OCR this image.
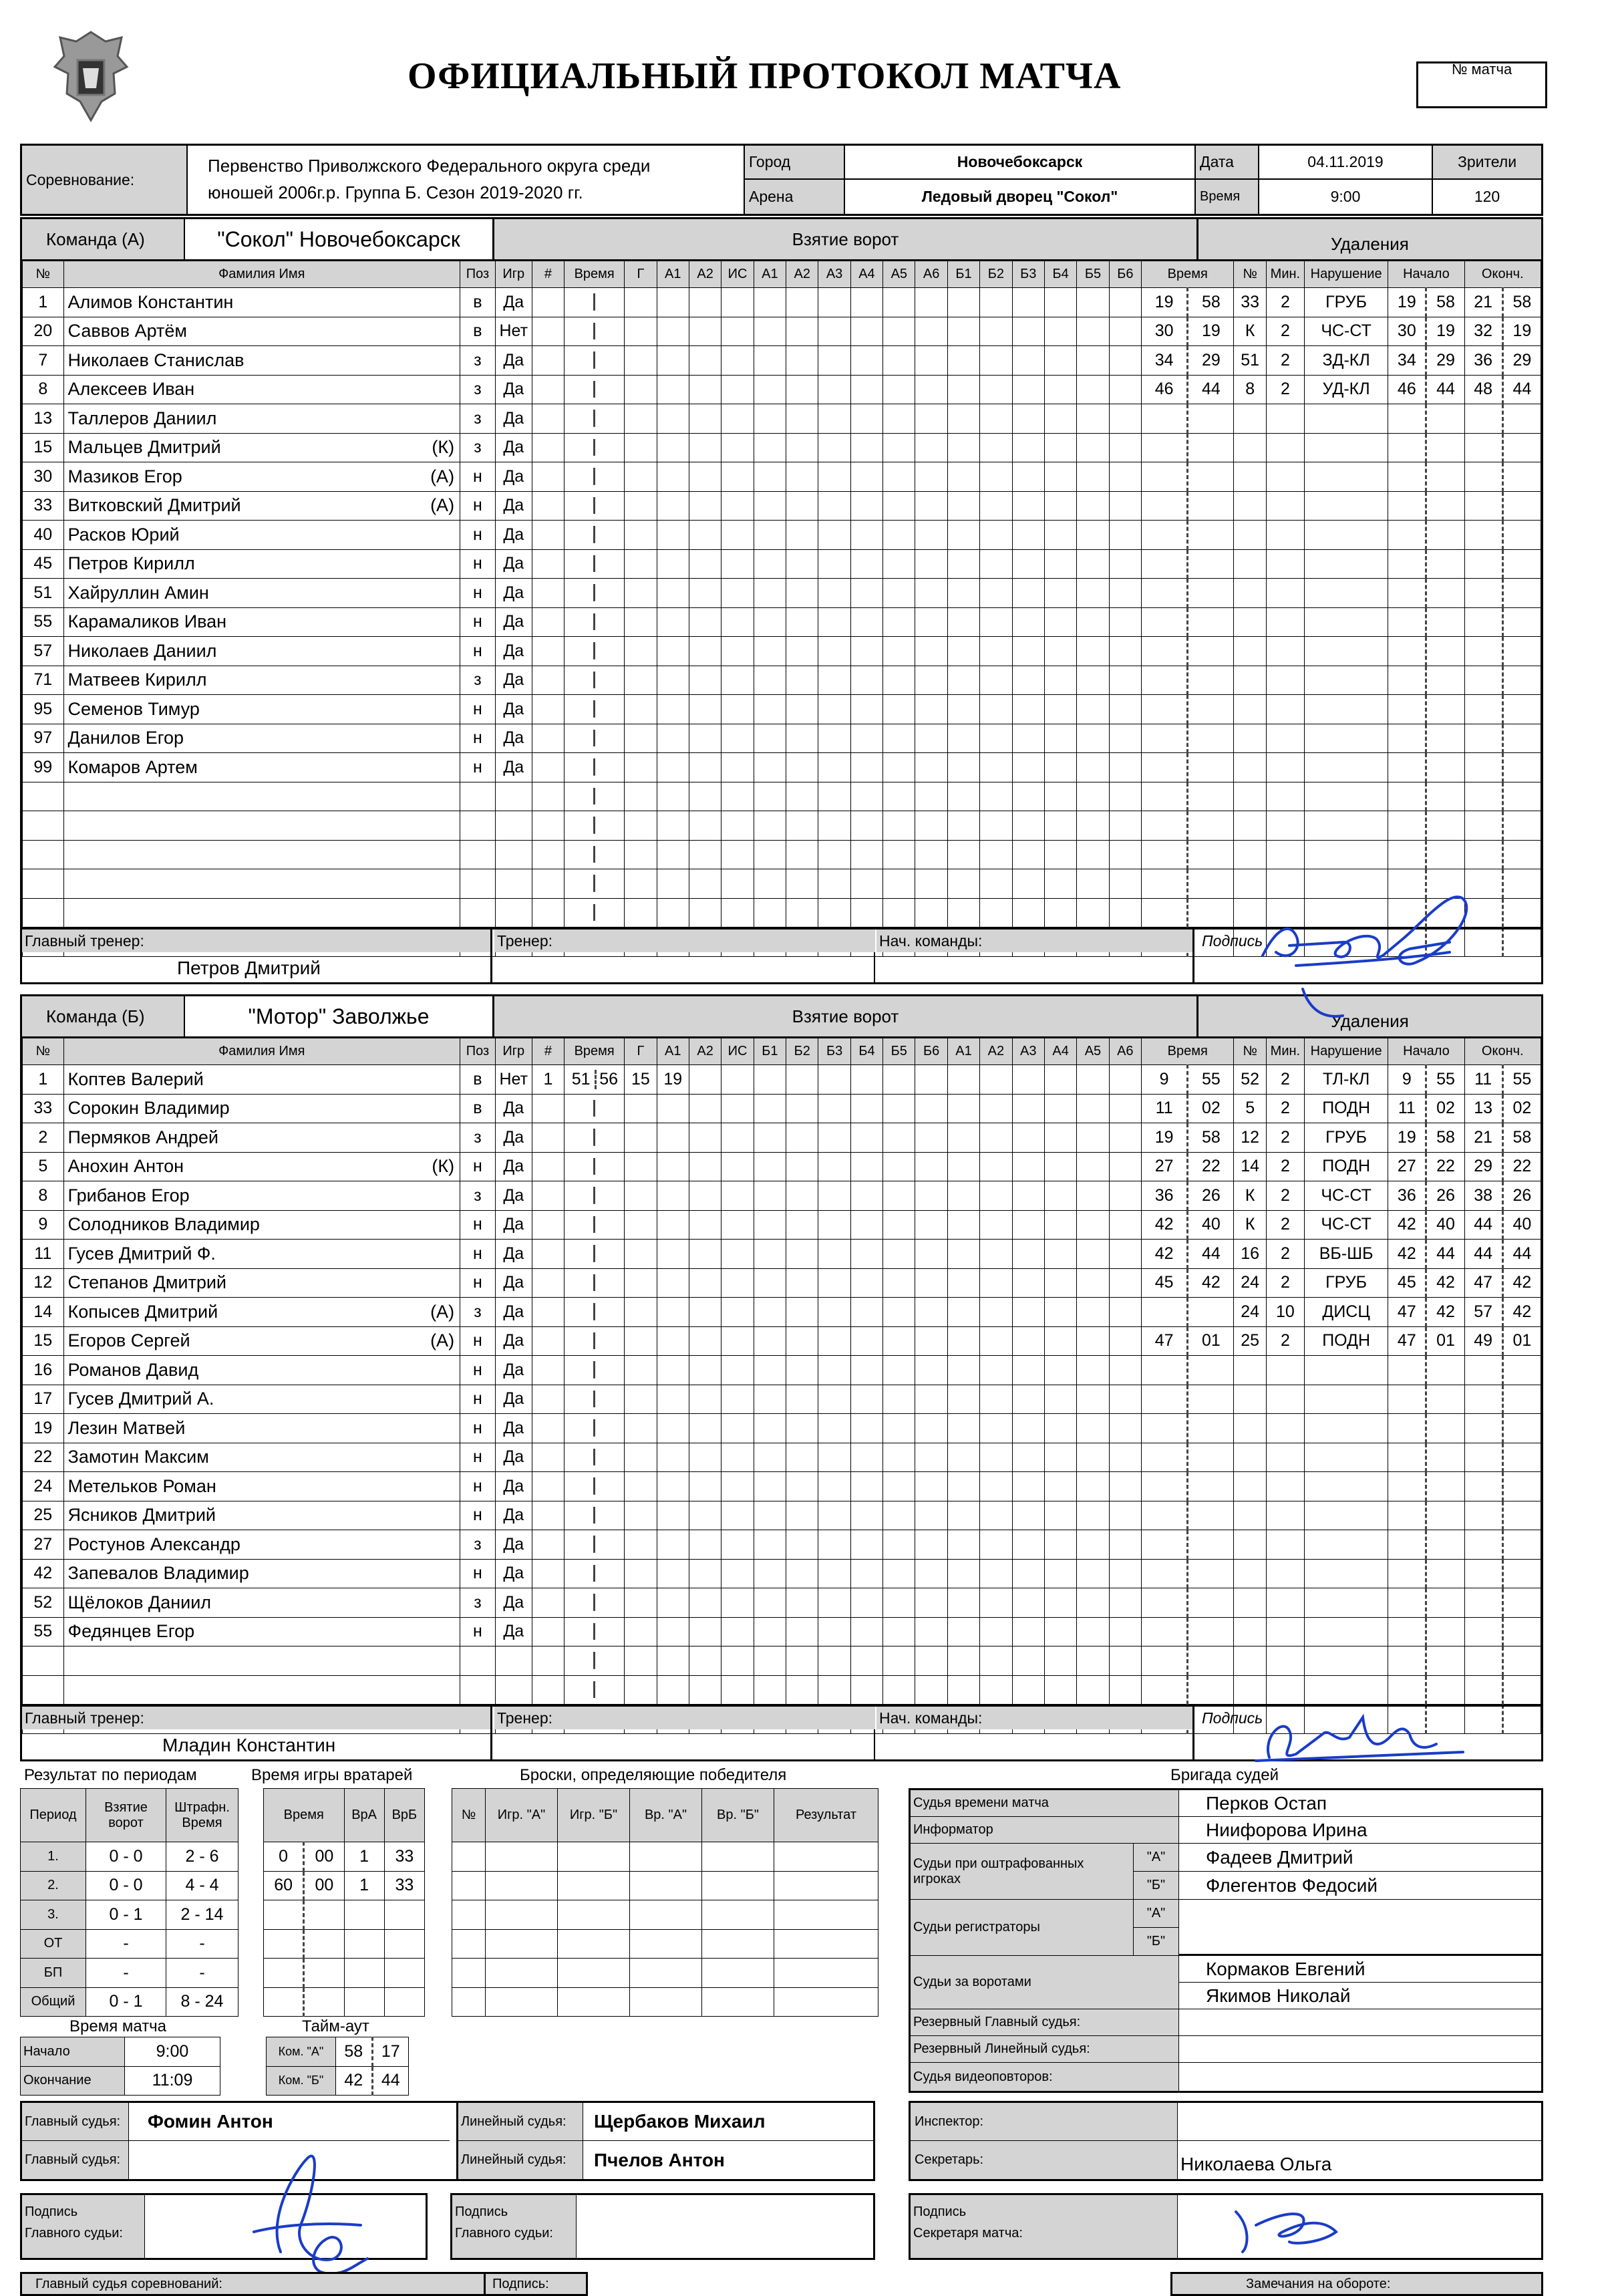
ОФИЦИАЛЬНЫЙ ПРОТОКОЛ МАТЧА	№ матча
Соревнование:
Первенство Приволжского Федерального округа среди
юношей 2006г.р. Группа Б. Сезон 2019-2020 гг.
Город	Новочебоксарск
Арена	Ледовый дворец "Сокол"
Дата	04.11.2019
Время	9:00
Зрители
120
Команда (А)	"Сокол" Новочебоксарск	Взятие ворот	Удаления
№	Фамилия Имя	Поз	Игр	#	Время	Г	А1	А2	ИС	А1	А2	А3	А4	А5	А6	Б1	Б2	Б3	Б4	Б5	Б6	Время		№	Мин.	Нарушение	Начало		Оконч.	
1	Алимов Константин	в	Да																			19	58	33	2	ГРУБ	19	58	21	58
20	Саввов Артём	в	Нет																			30	19	К	2	ЧС-СТ	30	19	32	19
7	Николаев Станислав	з	Да																			34	29	51	2	ЗД-КЛ	34	29	36	29
8	Алексеев Иван	з	Да																			46	44	8	2	УД-КЛ	46	44	48	44
13	Таллеров Даниил	з	Да																											
15	Мальцев Дмитрий (К)	з	Да																											
30	Мазиков Егор (А)	н	Да																											
33	Витковский Дмитрий (А)	н	Да																											
40	Расков Юрий	н	Да																											
45	Петров Кирилл	н	Да																											
51	Хайруллин Амин	н	Да																											
55	Карамаликов Иван	н	Да																											
57	Николаев Даниил	н	Да																											
71	Матвеев Кирилл	з	Да																											
95	Семенов Тимур	н	Да																											
97	Данилов Егор	н	Да																											
99	Комаров Артем	н	Да																											

Главный тренер:
Петров Дмитрий
Тренер:	Нач. команды:	Подпись
Команда (Б)	"Мотор" Заволжье	Взятие ворот	Удаления
№	Фамилия Имя	Поз	Игр	#	Время	Г	А1	А2	ИС	Б1	Б2	Б3	Б4	Б5	Б6	А1	А2	А3	А4	А5	А6	Время		№	Мин.	Нарушение	Начало		Оконч.	
1	Коптев Валерий	в	Нет	1	51 56	15	19															9	55	52	2	ТЛ-КЛ	9	55	11	55
33	Сорокин Владимир	в	Да																			11	02	5	2	ПОДН	11	02	13	02
2	Пермяков Андрей	з	Да																			19	58	12	2	ГРУБ	19	58	21	58
5	Анохин Антон (К)	н	Да																			27	22	14	2	ПОДН	27	22	29	22
8	Грибанов Егор	з	Да																			36	26	К	2	ЧС-СТ	36	26	38	26
9	Солодников Владимир	н	Да																			42	40	К	2	ЧС-СТ	42	40	44	40
11	Гусев Дмитрий Ф.	н	Да																			42	44	16	2	ВБ-ШБ	42	44	44	44
12	Степанов Дмитрий	н	Да																			45	42	24	2	ГРУБ	45	42	47	42
14	Копысев Дмитрий (А)	з	Да																					24	10	ДИСЦ	47	42	57	42
15	Егоров Сергей (А)	н	Да																			47	01	25	2	ПОДН	47	01	49	01
16	Романов Давид	н	Да																											
17	Гусев Дмитрий А.	н	Да																											
19	Лезин Матвей	н	Да																											
22	Замотин Максим	н	Да																											
24	Метельков Роман	н	Да																											
25	Ясников Дмитрий	н	Да																											
27	Ростунов Александр	з	Да																											
42	Запевалов Владимир	н	Да																											
52	Щёлоков Даниил	з	Да																											
55	Федянцев Егор	н	Да																											

Главный тренер:
Младин Константин
Тренер:	Нач. команды:	Подпись
Результат по периодам
Период	Взятие ворот	Штрафн. Время
1.	0 - 0	2 - 6
2.	0 - 0	4 - 4
3.	0 - 1	2 - 14
ОТ	-	-
БП	-	-
Общий	0 - 1	8 - 24
Время игры вратарей
Время		ВрА	ВрБ
0	00	1	33
60	00	1	33

Броски, определяющие победителя
№	Игр. "А"	Игр. "Б"	Вр. "А"	Вр. "Б"	Результат

Время матча
Начало	9:00
Окончание	11:09
Тайм-аут
Ком. "А"	58	17
Ком. "Б"	42	44
Бригада судей
Судья времени матча	Перков Остап
Информатор	Ниифорова Ирина
Судьи при оштрафованных игроках
"А"
"Б"
Фадеев Дмитрий
Флегентов Федосий
Судьи регистраторы
"А"
"Б"
Судьи за воротами
Кормаков Евгений
Якимов Николай
Резервный Главный судья:
Резервный Линейный судья:
Судья видеоповторов:
Главный судья:	Фомин Антон
Главный судья:
Линейный судья:	Щербаков Михаил
Линейный судья:	Пчелов Антон
Инспектор:
Секретарь:	Николаева Ольга
Подпись
Главного судьи:
Подпись
Главного судьи:
Подпись
Секретаря матча:
Главный судья соревнований:	Подпись:	Замечания на обороте:
